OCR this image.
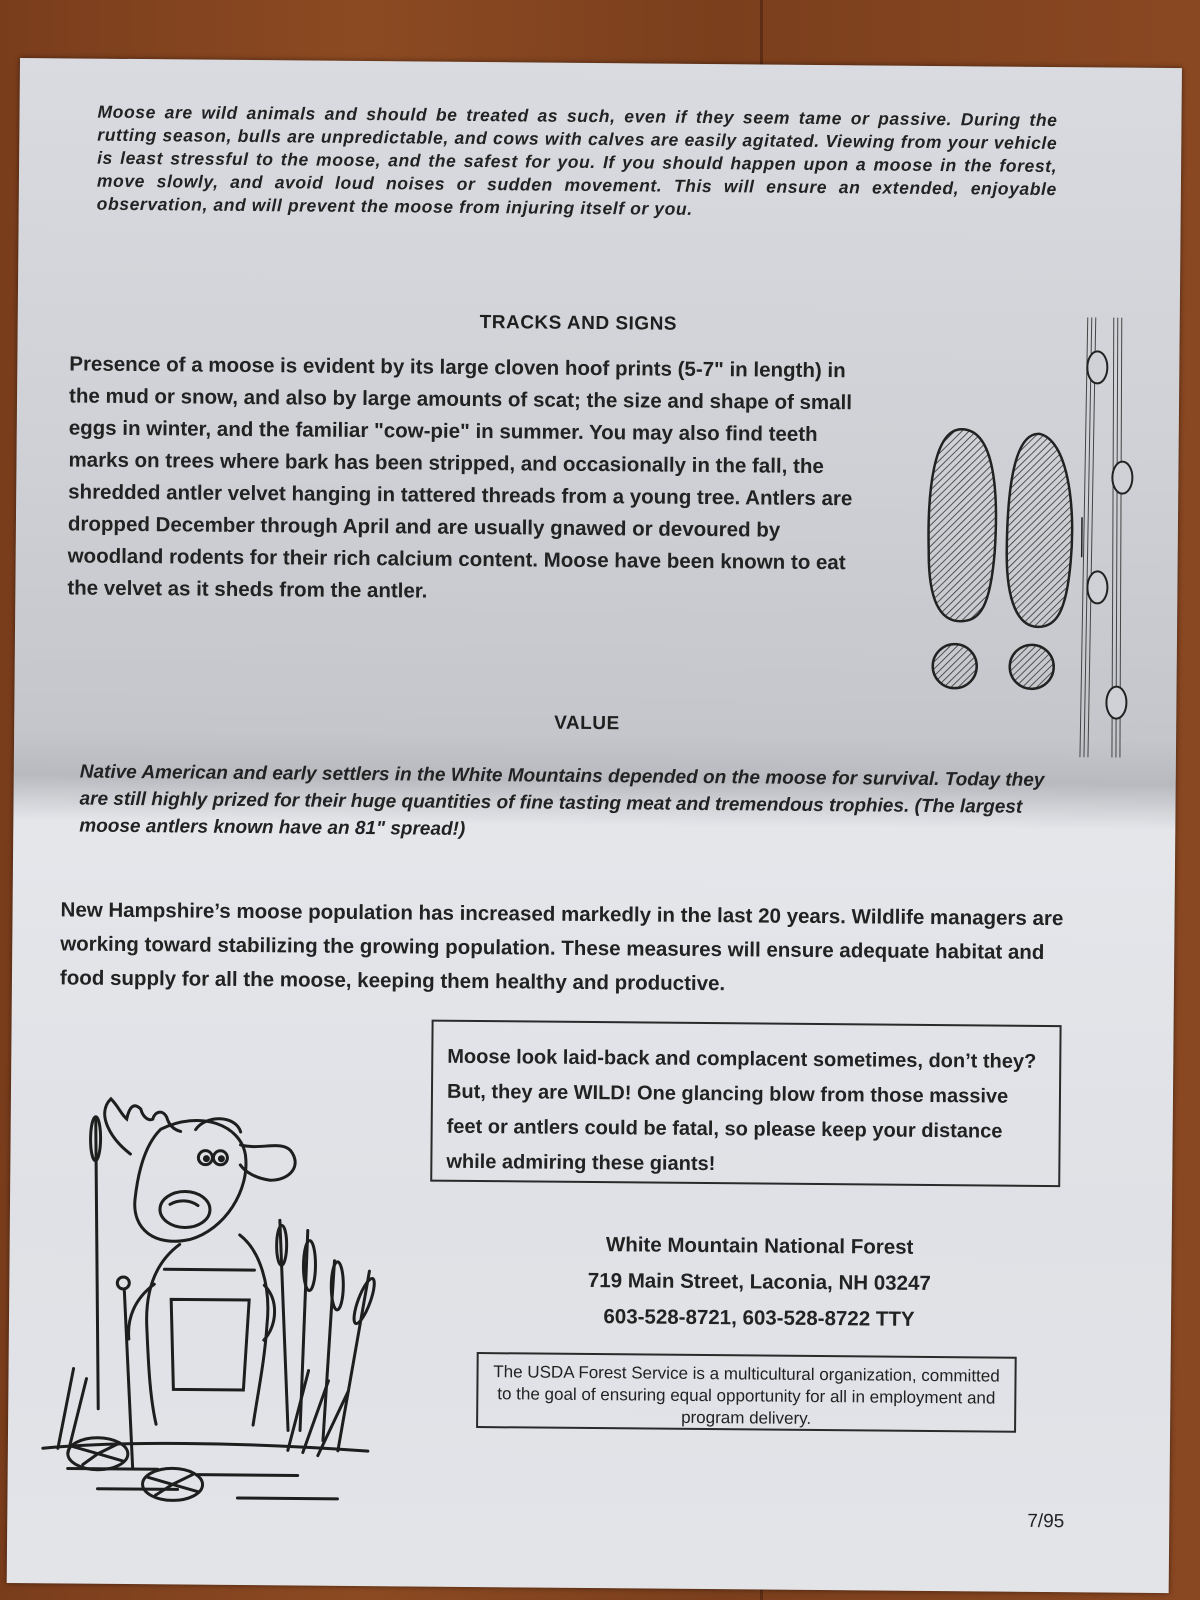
Moose are wild animals and should be treated as such, even if they seem tame or passive. During the rutting season, bulls are unpredictable, and cows with calves are easily agitated. Viewing from your vehicle is least stressful to the moose, and the safest for you. If you should happen upon a moose in the forest, move slowly, and avoid loud noises or sudden movement. This will ensure an extended, enjoyable observation, and will prevent the moose from injuring itself or you.
TRACKS AND SIGNS
Presence of a moose is evident by its large cloven hoof prints (5-7" in length) in the mud or snow, and also by large amounts of scat; the size and shape of small eggs in winter, and the familiar "cow-pie" in summer. You may also find teeth marks on trees where bark has been stripped, and occasionally in the fall, the shredded antler velvet hanging in tattered threads from a young tree. Antlers are dropped December through April and are usually gnawed or devoured by woodland rodents for their rich calcium content. Moose have been known to eat the velvet as it sheds from the antler.
VALUE
Native American and early settlers in the White Mountains depended on the moose for survival. Today they are still highly prized for their huge quantities of fine tasting meat and tremendous trophies. (The largest moose antlers known have an 81" spread!)
New Hampshire’s moose population has increased markedly in the last 20 years. Wildlife managers are working toward stabilizing the growing population. These measures will ensure adequate habitat and food supply for all the moose, keeping them healthy and productive.
Moose look laid-back and complacent sometimes, don’t they? But, they are WILD! One glancing blow from those massive feet or antlers could be fatal, so please keep your distance while admiring these giants!
White Mountain National Forest
719 Main Street, Laconia, NH 03247
603-528-8721, 603-528-8722 TTY
The USDA Forest Service is a multicultural organization, committed to the goal of ensuring equal opportunity for all in employment and program delivery.
7/95
